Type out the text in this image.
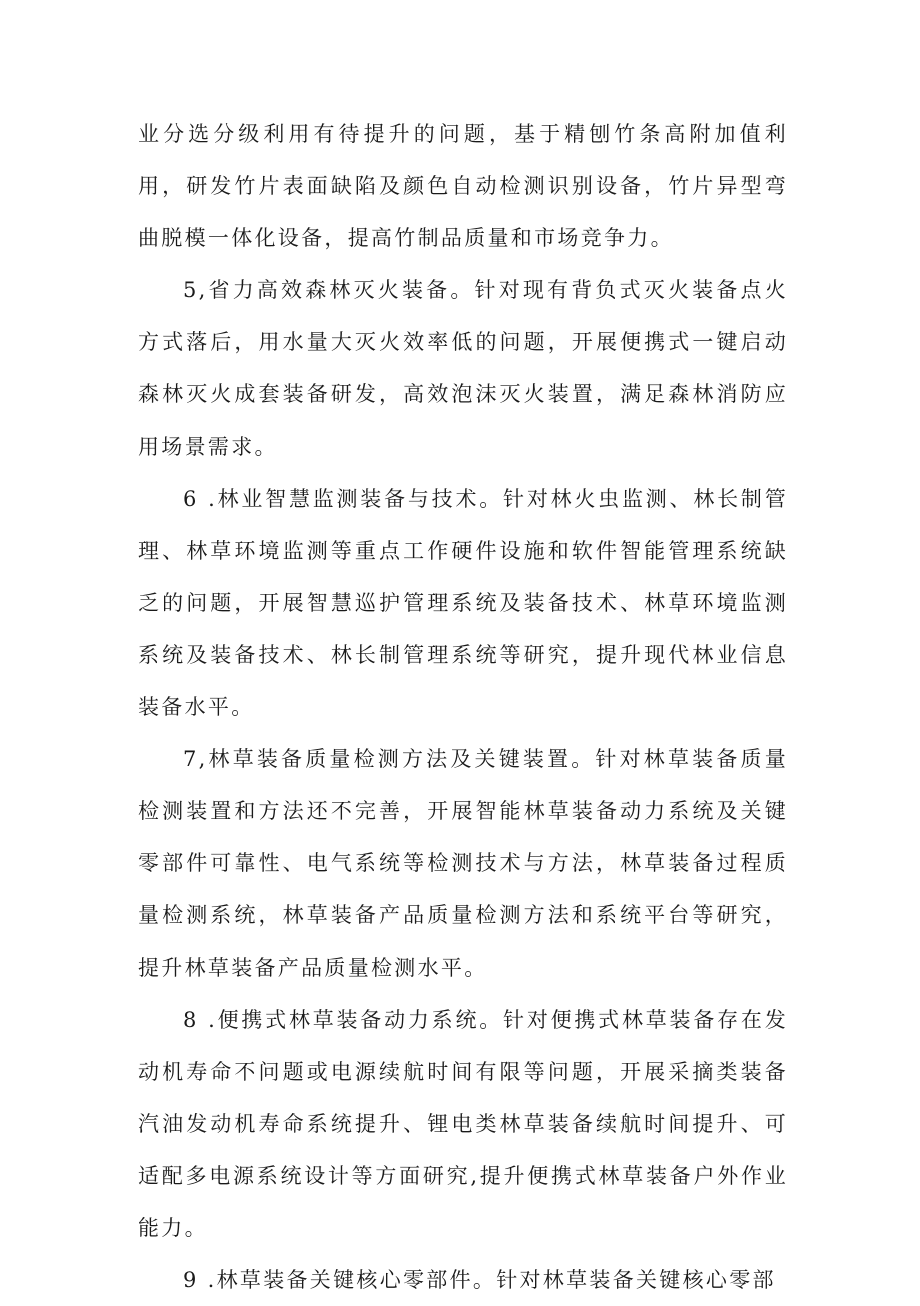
业分选分级利用有待提升的问题，基于精刨竹条高附加值利用，研发竹片表面缺陷及颜色自动检测识别设备，竹片异型弯曲脱模一体化设备，提高竹制品质量和市场竞争力。

5,省力高效森林灭火装备。针对现有背负式灭火装备点火方式落后，用水量大灭火效率低的问题，开展便携式一键启动森林灭火成套装备研发，高效泡沫灭火装置，满足森林消防应用场景需求。

6 .林业智慧监测装备与技术。针对林火虫监测、林长制管理、林草环境监测等重点工作硬件设施和软件智能管理系统缺乏的问题，开展智慧巡护管理系统及装备技术、林草环境监测系统及装备技术、林长制管理系统等研究，提升现代林业信息装备水平。

7,林草装备质量检测方法及关键装置。针对林草装备质量检测装置和方法还不完善，开展智能林草装备动力系统及关键零部件可靠性、电气系统等检测技术与方法，林草装备过程质量检测系统，林草装备产品质量检测方法和系统平台等研究，提升林草装备产品质量检测水平。

8 .便携式林草装备动力系统。针对便携式林草装备存在发动机寿命不问题或电源续航时间有限等问题，开展采摘类装备汽油发动机寿命系统提升、锂电类林草装备续航时间提升、可适配多电源系统设计等方面研究,提升便携式林草装备户外作业能力。

9 .林草装备关键核心零部件。针对林草装备关键核心零部
